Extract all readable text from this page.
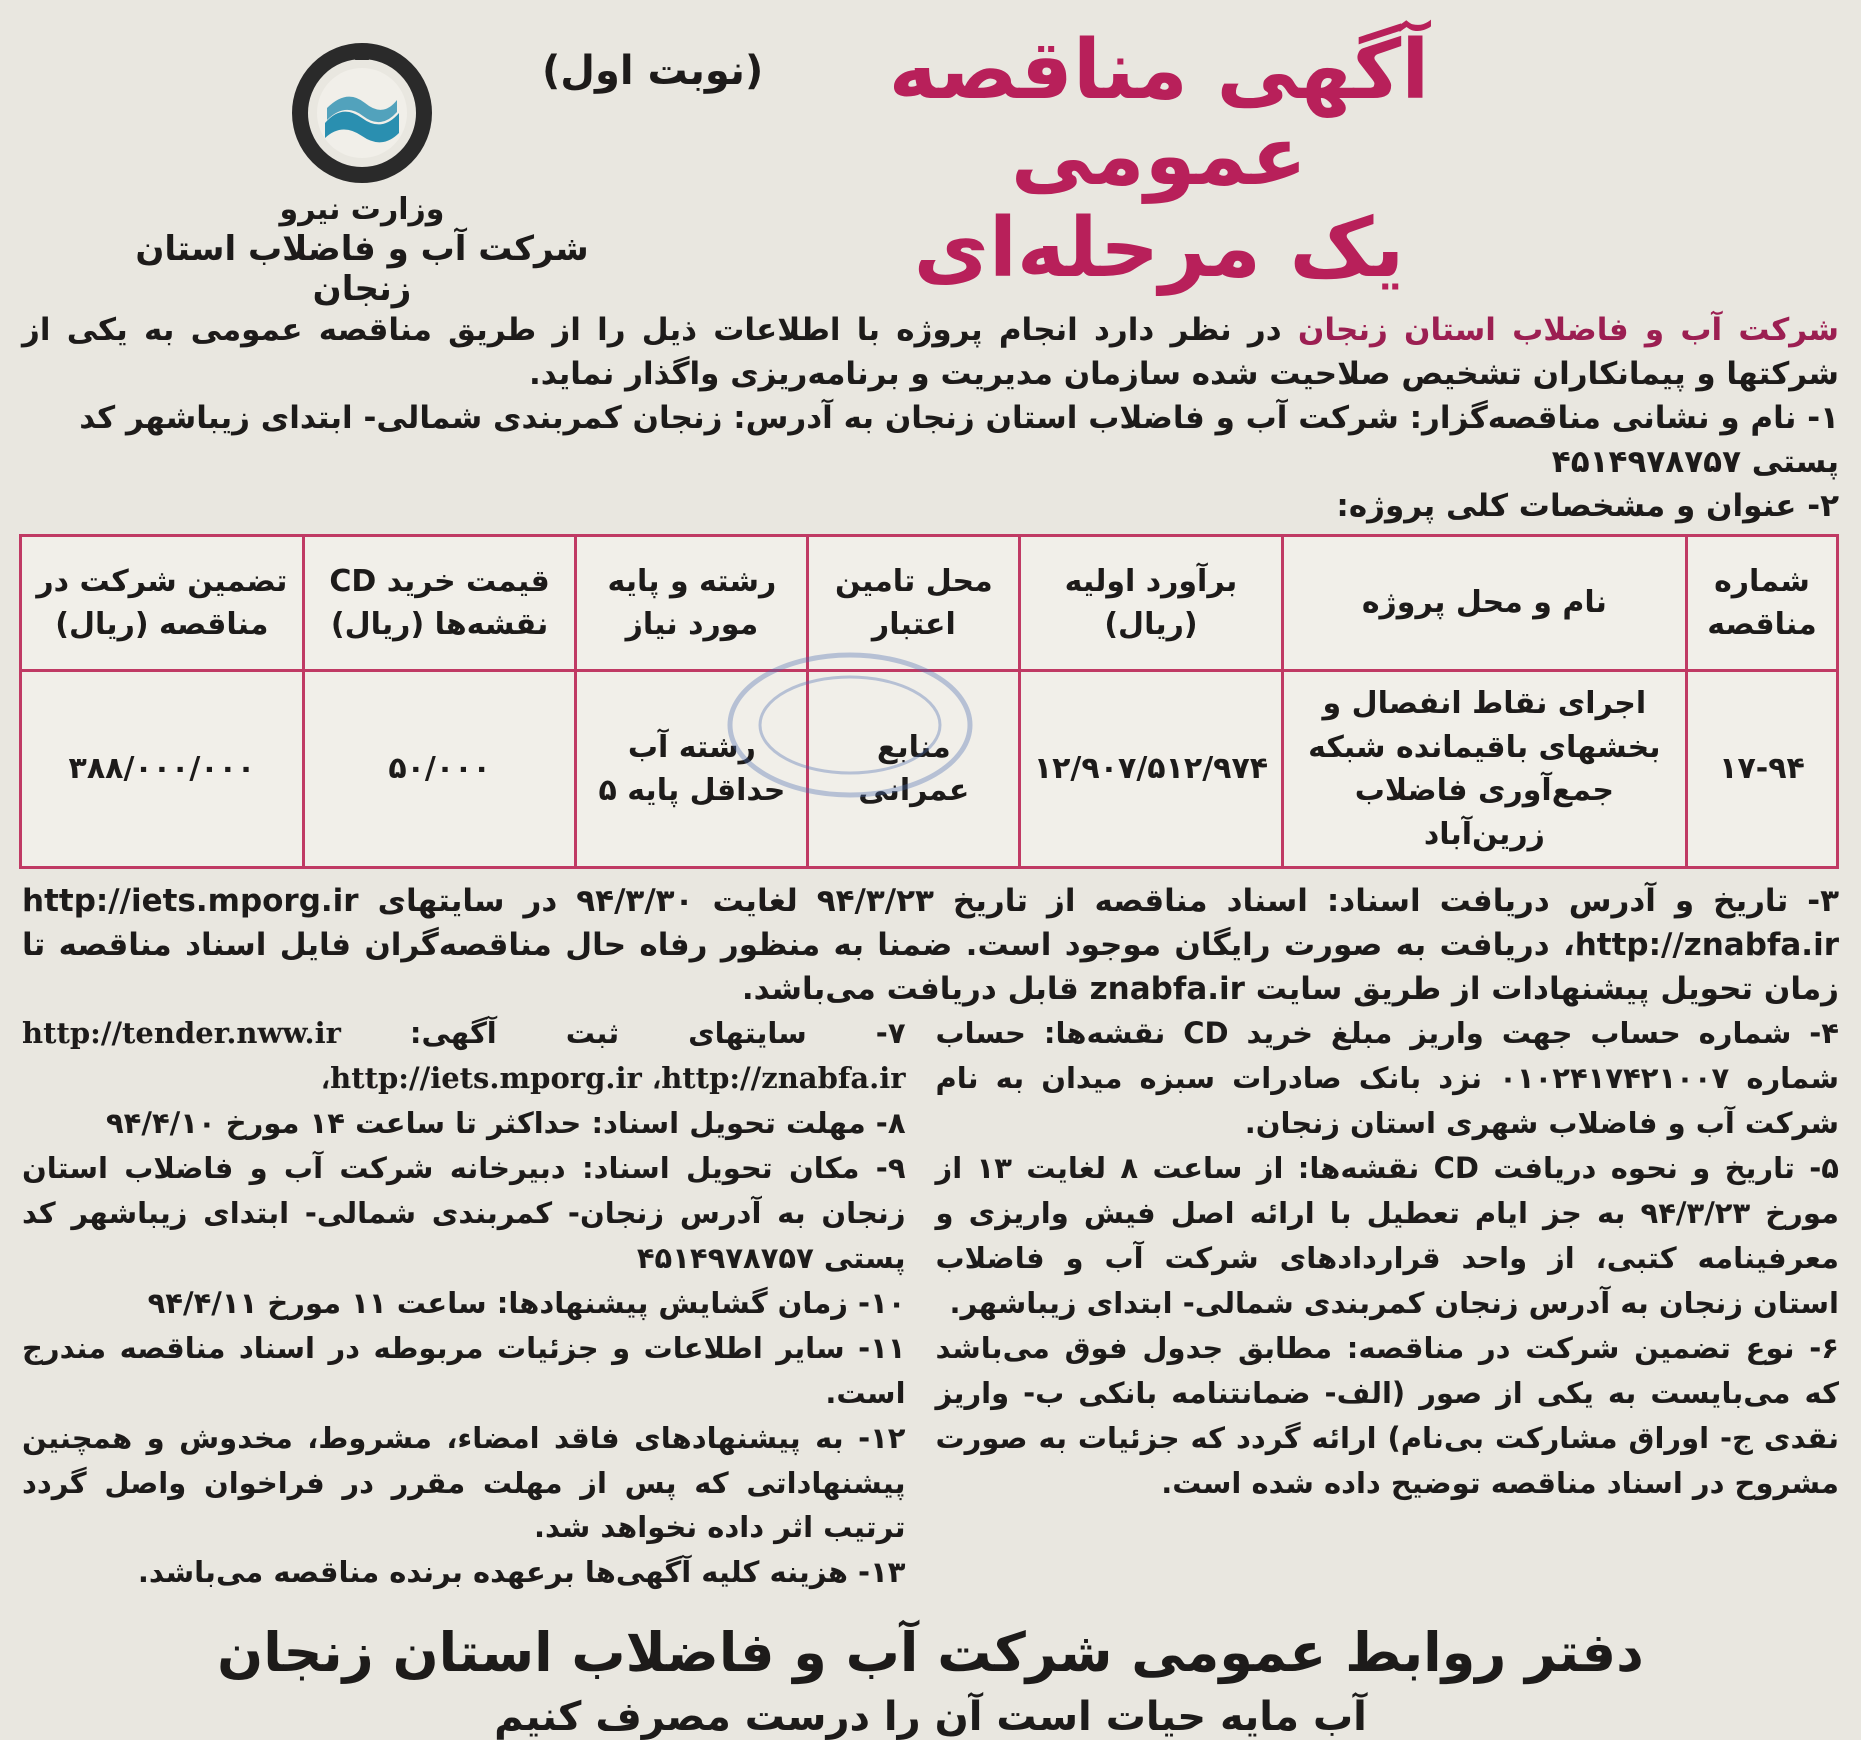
آگهی مناقصه عمومی
یک مرحله‌ای
(نوبت اول)
وزارت نیرو
شرکت آب و فاضلاب استان زنجان
شرکت آب و فاضلاب استان زنجان در نظر دارد انجام پروژه با اطلاعات ذیل را از طریق مناقصه عمومی به یکی از شرکتها و پیمانکاران تشخیص صلاحیت شده سازمان مدیریت و برنامه‌ریزی واگذار نماید.
۱- نام و نشانی مناقصه‌گزار: شرکت آب و فاضلاب استان زنجان به آدرس: زنجان کمربندی شمالی- ابتدای زیباشهر کد پستی ۴۵۱۴۹۷۸۷۵۷
۲- عنوان و مشخصات کلی پروژه:
شماره مناقصه	نام و محل پروژه	برآورد اولیه (ریال)	محل تامین اعتبار	رشته و پایه مورد نیاز	قیمت خرید CD نقشه‌ها (ریال)	تضمین شرکت در مناقصه (ریال)
۱۷-۹۴	اجرای نقاط انفصال و بخشهای باقیمانده شبکه جمع‌آوری فاضلاب زرین‌آباد	۱۲/۹۰۷/۵۱۲/۹۷۴	منابع عمرانی	رشته آب حداقل پایه ۵	۵۰/۰۰۰	۳۸۸/۰۰۰/۰۰۰
۳- تاریخ و آدرس دریافت اسناد: اسناد مناقصه از تاریخ ۹۴/۳/۲۳ لغایت ۹۴/۳/۳۰ در سایتهای http://iets.mporg.ir ،http://znabfa.ir دریافت به صورت رایگان موجود است. ضمنا به منظور رفاه حال مناقصه‌گران فایل اسناد مناقصه تا زمان تحویل پیشنهادات از طریق سایت znabfa.ir قابل دریافت می‌باشد.
۴- شماره حساب جهت واریز مبلغ خرید CD نقشه‌ها: حساب شماره ۰۱۰۲۴۱۷۴۲۱۰۰۷ نزد بانک صادرات سبزه میدان به نام شرکت آب و فاضلاب شهری استان زنجان.
۵- تاریخ و نحوه دریافت CD نقشه‌ها: از ساعت ۸ لغایت ۱۳ از مورخ ۹۴/۳/۲۳ به جز ایام تعطیل با ارائه اصل فیش واریزی و معرفینامه کتبی، از واحد قراردادهای شرکت آب و فاضلاب استان زنجان به آدرس زنجان کمربندی شمالی- ابتدای زیباشهر.
۶- نوع تضمین شرکت در مناقصه: مطابق جدول فوق می‌باشد که می‌بایست به یکی از صور (الف- ضمانتنامه بانکی ب- واریز نقدی ج- اوراق مشارکت بی‌نام) ارائه گردد که جزئیات به صورت مشروح در اسناد مناقصه توضیح داده شده است.
۷- سایتهای ثبت آگهی: http://tender.nww.ir ،http://iets.mporg.ir ،http://znabfa.ir
۸- مهلت تحویل اسناد: حداکثر تا ساعت ۱۴ مورخ ۹۴/۴/۱۰
۹- مکان تحویل اسناد: دبیرخانه شرکت آب و فاضلاب استان زنجان به آدرس زنجان- کمربندی شمالی- ابتدای زیباشهر کد پستی ۴۵۱۴۹۷۸۷۵۷
۱۰- زمان گشایش پیشنهادها: ساعت ۱۱ مورخ ۹۴/۴/۱۱
۱۱- سایر اطلاعات و جزئیات مربوطه در اسناد مناقصه مندرج است.
۱۲- به پیشنهادهای فاقد امضاء، مشروط، مخدوش و همچنین پیشنهاداتی که پس از مهلت مقرر در فراخوان واصل گردد ترتیب اثر داده نخواهد شد.
۱۳- هزینه کلیه آگهی‌ها برعهده برنده مناقصه می‌باشد.
دفتر روابط عمومی شرکت آب و فاضلاب استان زنجان
آب مایه حیات است آن را درست مصرف کنیم
